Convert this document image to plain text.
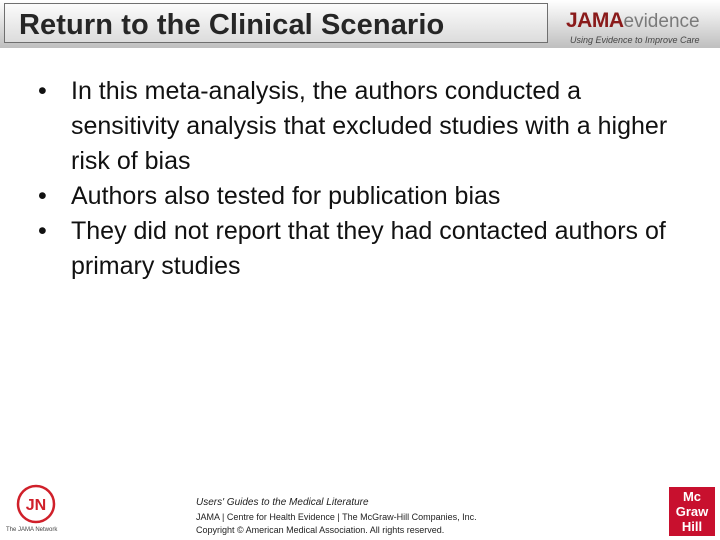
Return to the Clinical Scenario	JAMAevidence
Using Evidence to Improve Care
• In this meta-analysis, the authors conducted a sensitivity analysis that excluded studies with a higher risk of bias
• Authors also tested for publication bias
• They did not report that they had contacted authors of primary studies
JN
The JAMA Network
Users' Guides to the Medical Literature
JAMA | Centre for Health Evidence | The McGraw-Hill Companies, Inc.
Copyright © American Medical Association. All rights reserved.
Mc
Graw
Hill
